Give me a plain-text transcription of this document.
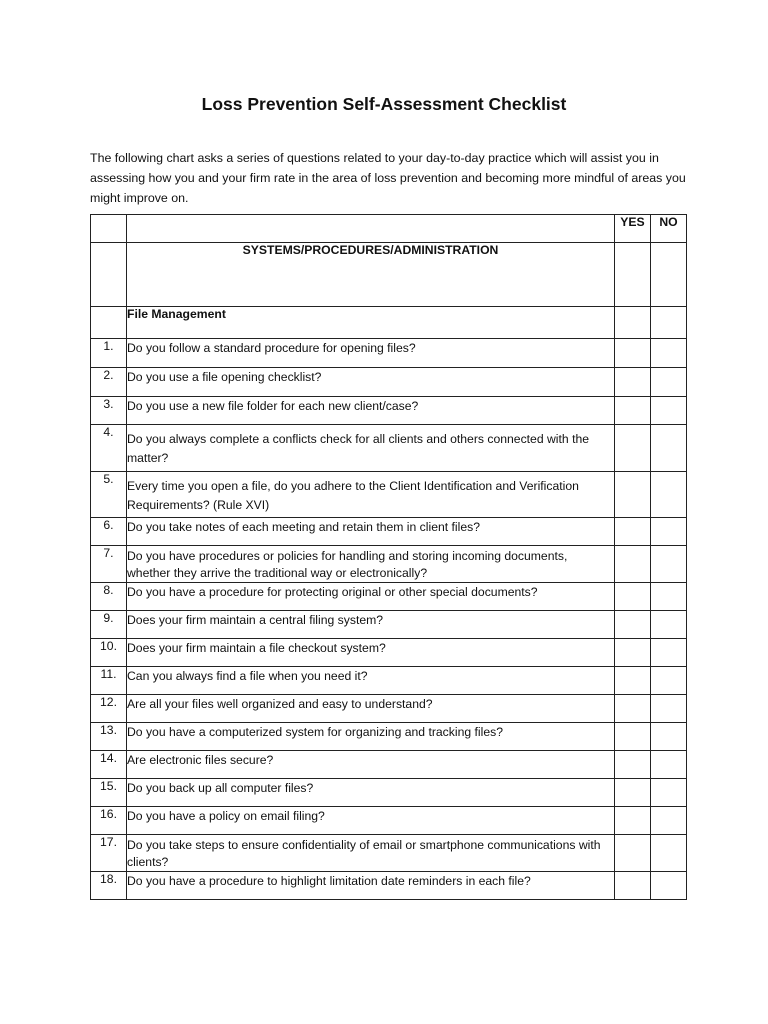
Loss Prevention Self-Assessment Checklist

The following chart asks a series of questions related to your day-to-day practice which will assist you in assessing how you and your firm rate in the area of loss prevention and becoming more mindful of areas you might improve on.

		YES	NO
	SYSTEMS/PROCEDURES/ADMINISTRATION		
	File Management		
1.	Do you follow a standard procedure for opening files?		
2.	Do you use a file opening checklist?		
3.	Do you use a new file folder for each new client/case?		
4.	Do you always complete a conflicts check for all clients and others connected with the matter?		
5.	Every time you open a file, do you adhere to the Client Identification and Verification Requirements? (Rule XVI)		
6.	Do you take notes of each meeting and retain them in client files?		
7.	Do you have procedures or policies for handling and storing incoming documents, whether they arrive the traditional way or electronically?		
8.	Do you have a procedure for protecting original or other special documents?		
9.	Does your firm maintain a central filing system?		
10.	Does your firm maintain a file checkout system?		
11.	Can you always find a file when you need it?		
12.	Are all your files well organized and easy to understand?		
13.	Do you have a computerized system for organizing and tracking files?		
14.	Are electronic files secure?		
15.	Do you back up all computer files?		
16.	Do you have a policy on email filing?		
17.	Do you take steps to ensure confidentiality of email or smartphone communications with clients?		
18.	Do you have a procedure to highlight limitation date reminders in each file?		
